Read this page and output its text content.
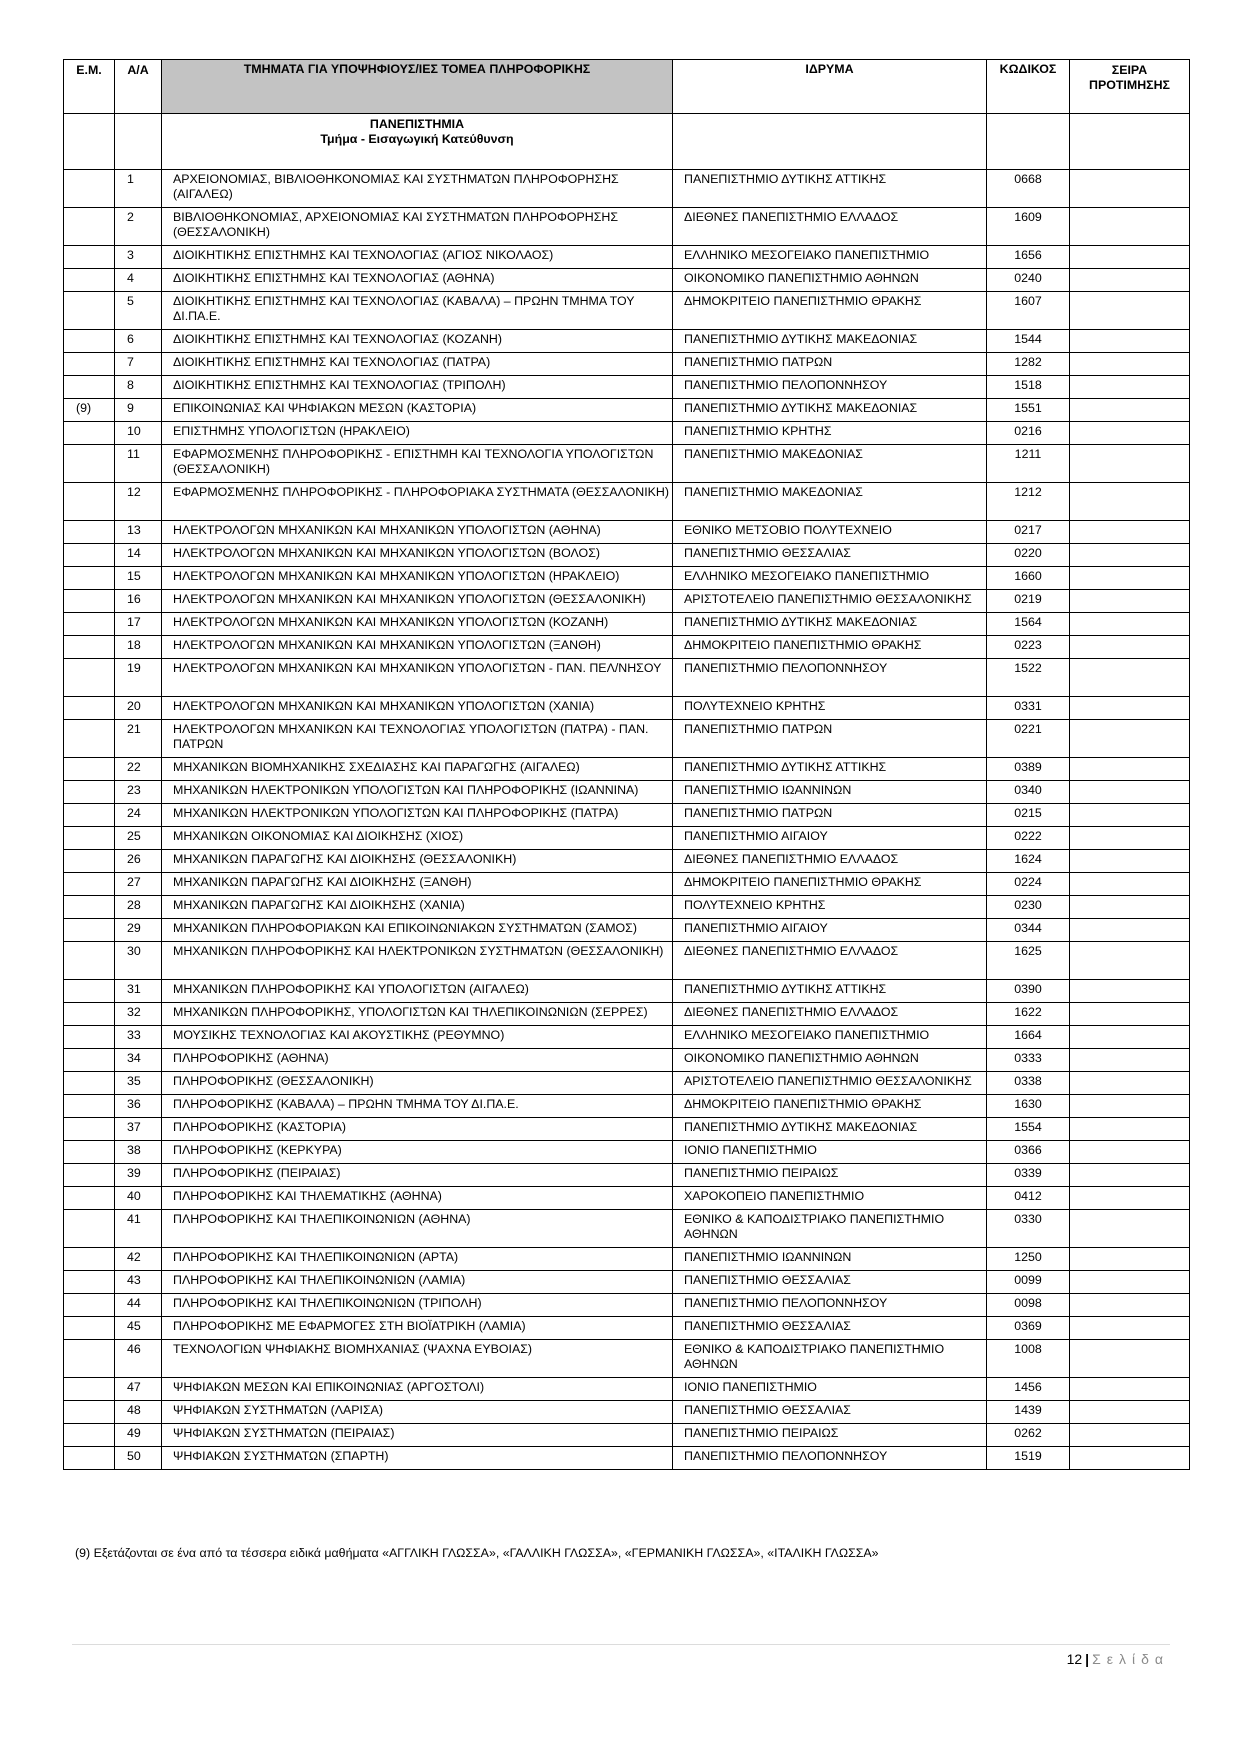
Ε.Μ.	Α/Α	ΤΜΗΜΑΤΑ ΓΙΑ ΥΠΟΨΗΦΙΟΥΣ/ΙΕΣ ΤΟΜΕΑ ΠΛΗΡΟΦΟΡΙΚΗΣ	ΙΔΡΥΜΑ	ΚΩΔΙΚΟΣ	ΣΕΙΡΑ ΠΡΟΤΙΜΗΣΗΣ

		ΠΑΝΕΠΙΣΤΗΜΙΑ
Τμήμα - Εισαγωγική Κατεύθυνση			

	1	ΑΡΧΕΙΟΝΟΜΙΑΣ, ΒΙΒΛΙΟΘΗΚΟΝΟΜΙΑΣ ΚΑΙ ΣΥΣΤΗΜΑΤΩΝ ΠΛΗΡΟΦΟΡΗΣΗΣ (ΑΙΓΑΛΕΩ)	ΠΑΝΕΠΙΣΤΗΜΙΟ ΔΥΤΙΚΗΣ ΑΤΤΙΚΗΣ	0668	

	2	ΒΙΒΛΙΟΘΗΚΟΝΟΜΙΑΣ, ΑΡΧΕΙΟΝΟΜΙΑΣ ΚΑΙ ΣΥΣΤΗΜΑΤΩΝ ΠΛΗΡΟΦΟΡΗΣΗΣ (ΘΕΣΣΑΛΟΝΙΚΗ)	ΔΙΕΘΝΕΣ ΠΑΝΕΠΙΣΤΗΜΙΟ ΕΛΛΑΔΟΣ	1609	

	3	ΔΙΟΙΚΗΤΙΚΗΣ ΕΠΙΣΤΗΜΗΣ ΚΑΙ ΤΕΧΝΟΛΟΓΙΑΣ (ΑΓΙΟΣ ΝΙΚΟΛΑΟΣ)	ΕΛΛΗΝΙΚΟ ΜΕΣΟΓΕΙΑΚΟ ΠΑΝΕΠΙΣΤΗΜΙΟ	1656	

	4	ΔΙΟΙΚΗΤΙΚΗΣ ΕΠΙΣΤΗΜΗΣ ΚΑΙ ΤΕΧΝΟΛΟΓΙΑΣ (ΑΘΗΝΑ)	ΟΙΚΟΝΟΜΙΚΟ ΠΑΝΕΠΙΣΤΗΜΙΟ ΑΘΗΝΩΝ	0240	

	5	ΔΙΟΙΚΗΤΙΚΗΣ ΕΠΙΣΤΗΜΗΣ ΚΑΙ ΤΕΧΝΟΛΟΓΙΑΣ (ΚΑΒΑΛΑ) – ΠΡΩΗΝ ΤΜΗΜΑ ΤΟΥ ΔΙ.ΠΑ.Ε.	ΔΗΜΟΚΡΙΤΕΙΟ ΠΑΝΕΠΙΣΤΗΜΙΟ ΘΡΑΚΗΣ	1607	

	6	ΔΙΟΙΚΗΤΙΚΗΣ ΕΠΙΣΤΗΜΗΣ ΚΑΙ ΤΕΧΝΟΛΟΓΙΑΣ (ΚΟΖΑΝΗ)	ΠΑΝΕΠΙΣΤΗΜΙΟ ΔΥΤΙΚΗΣ ΜΑΚΕΔΟΝΙΑΣ	1544	

	7	ΔΙΟΙΚΗΤΙΚΗΣ ΕΠΙΣΤΗΜΗΣ ΚΑΙ ΤΕΧΝΟΛΟΓΙΑΣ (ΠΑΤΡΑ)	ΠΑΝΕΠΙΣΤΗΜΙΟ ΠΑΤΡΩΝ	1282	

	8	ΔΙΟΙΚΗΤΙΚΗΣ ΕΠΙΣΤΗΜΗΣ ΚΑΙ ΤΕΧΝΟΛΟΓΙΑΣ (ΤΡΙΠΟΛΗ)	ΠΑΝΕΠΙΣΤΗΜΙΟ ΠΕΛΟΠΟΝΝΗΣΟΥ	1518	

(9)	9	ΕΠΙΚΟΙΝΩΝΙΑΣ ΚΑΙ ΨΗΦΙΑΚΩΝ ΜΕΣΩΝ (ΚΑΣΤΟΡΙΑ)	ΠΑΝΕΠΙΣΤΗΜΙΟ ΔΥΤΙΚΗΣ ΜΑΚΕΔΟΝΙΑΣ	1551	

	10	ΕΠΙΣΤΗΜΗΣ ΥΠΟΛΟΓΙΣΤΩΝ (ΗΡΑΚΛΕΙΟ)	ΠΑΝΕΠΙΣΤΗΜΙΟ ΚΡΗΤΗΣ	0216	

	11	ΕΦΑΡΜΟΣΜΕΝΗΣ ΠΛΗΡΟΦΟΡΙΚΗΣ - ΕΠΙΣΤΗΜΗ ΚΑΙ ΤΕΧΝΟΛΟΓΙΑ ΥΠΟΛΟΓΙΣΤΩΝ (ΘΕΣΣΑΛΟΝΙΚΗ)	ΠΑΝΕΠΙΣΤΗΜΙΟ ΜΑΚΕΔΟΝΙΑΣ	1211	

	12	ΕΦΑΡΜΟΣΜΕΝΗΣ ΠΛΗΡΟΦΟΡΙΚΗΣ - ΠΛΗΡΟΦΟΡΙΑΚΑ ΣΥΣΤΗΜΑΤΑ (ΘΕΣΣΑΛΟΝΙΚΗ)	ΠΑΝΕΠΙΣΤΗΜΙΟ ΜΑΚΕΔΟΝΙΑΣ	1212	

	13	ΗΛΕΚΤΡΟΛΟΓΩΝ ΜΗΧΑΝΙΚΩΝ ΚΑΙ ΜΗΧΑΝΙΚΩΝ ΥΠΟΛΟΓΙΣΤΩΝ (ΑΘΗΝΑ)	ΕΘΝΙΚΟ ΜΕΤΣΟΒΙΟ ΠΟΛΥΤΕΧΝΕΙΟ	0217	

	14	ΗΛΕΚΤΡΟΛΟΓΩΝ ΜΗΧΑΝΙΚΩΝ ΚΑΙ ΜΗΧΑΝΙΚΩΝ ΥΠΟΛΟΓΙΣΤΩΝ (ΒΟΛΟΣ)	ΠΑΝΕΠΙΣΤΗΜΙΟ ΘΕΣΣΑΛΙΑΣ	0220	

	15	ΗΛΕΚΤΡΟΛΟΓΩΝ ΜΗΧΑΝΙΚΩΝ ΚΑΙ ΜΗΧΑΝΙΚΩΝ ΥΠΟΛΟΓΙΣΤΩΝ (ΗΡΑΚΛΕΙΟ)	ΕΛΛΗΝΙΚΟ ΜΕΣΟΓΕΙΑΚΟ ΠΑΝΕΠΙΣΤΗΜΙΟ	1660	

	16	ΗΛΕΚΤΡΟΛΟΓΩΝ ΜΗΧΑΝΙΚΩΝ ΚΑΙ ΜΗΧΑΝΙΚΩΝ ΥΠΟΛΟΓΙΣΤΩΝ (ΘΕΣΣΑΛΟΝΙΚΗ)	ΑΡΙΣΤΟΤΕΛΕΙΟ ΠΑΝΕΠΙΣΤΗΜΙΟ ΘΕΣΣΑΛΟΝΙΚΗΣ	0219	

	17	ΗΛΕΚΤΡΟΛΟΓΩΝ ΜΗΧΑΝΙΚΩΝ ΚΑΙ ΜΗΧΑΝΙΚΩΝ ΥΠΟΛΟΓΙΣΤΩΝ (ΚΟΖΑΝΗ)	ΠΑΝΕΠΙΣΤΗΜΙΟ ΔΥΤΙΚΗΣ ΜΑΚΕΔΟΝΙΑΣ	1564	

	18	ΗΛΕΚΤΡΟΛΟΓΩΝ ΜΗΧΑΝΙΚΩΝ ΚΑΙ ΜΗΧΑΝΙΚΩΝ ΥΠΟΛΟΓΙΣΤΩΝ (ΞΑΝΘΗ)	ΔΗΜΟΚΡΙΤΕΙΟ ΠΑΝΕΠΙΣΤΗΜΙΟ ΘΡΑΚΗΣ	0223	

	19	ΗΛΕΚΤΡΟΛΟΓΩΝ ΜΗΧΑΝΙΚΩΝ ΚΑΙ ΜΗΧΑΝΙΚΩΝ ΥΠΟΛΟΓΙΣΤΩΝ - ΠΑΝ. ΠΕΛ/ΝΗΣΟΥ	ΠΑΝΕΠΙΣΤΗΜΙΟ ΠΕΛΟΠΟΝΝΗΣΟΥ	1522	

	20	ΗΛΕΚΤΡΟΛΟΓΩΝ ΜΗΧΑΝΙΚΩΝ ΚΑΙ ΜΗΧΑΝΙΚΩΝ ΥΠΟΛΟΓΙΣΤΩΝ (ΧΑΝΙΑ)	ΠΟΛΥΤΕΧΝΕΙΟ ΚΡΗΤΗΣ	0331	

	21	ΗΛΕΚΤΡΟΛΟΓΩΝ ΜΗΧΑΝΙΚΩΝ ΚΑΙ ΤΕΧΝΟΛΟΓΙΑΣ ΥΠΟΛΟΓΙΣΤΩΝ (ΠΑΤΡΑ) - ΠΑΝ. ΠΑΤΡΩΝ	ΠΑΝΕΠΙΣΤΗΜΙΟ ΠΑΤΡΩΝ	0221	

	22	ΜΗΧΑΝΙΚΩΝ ΒΙΟΜΗΧΑΝΙΚΗΣ ΣΧΕΔΙΑΣΗΣ ΚΑΙ ΠΑΡΑΓΩΓΗΣ (ΑΙΓΑΛΕΩ)	ΠΑΝΕΠΙΣΤΗΜΙΟ ΔΥΤΙΚΗΣ ΑΤΤΙΚΗΣ	0389	

	23	ΜΗΧΑΝΙΚΩΝ ΗΛΕΚΤΡΟΝΙΚΩΝ ΥΠΟΛΟΓΙΣΤΩΝ ΚΑΙ ΠΛΗΡΟΦΟΡΙΚΗΣ (ΙΩΑΝΝΙΝΑ)	ΠΑΝΕΠΙΣΤΗΜΙΟ ΙΩΑΝΝΙΝΩΝ	0340	

	24	ΜΗΧΑΝΙΚΩΝ ΗΛΕΚΤΡΟΝΙΚΩΝ ΥΠΟΛΟΓΙΣΤΩΝ ΚΑΙ ΠΛΗΡΟΦΟΡΙΚΗΣ (ΠΑΤΡΑ)	ΠΑΝΕΠΙΣΤΗΜΙΟ ΠΑΤΡΩΝ	0215	

	25	ΜΗΧΑΝΙΚΩΝ ΟΙΚΟΝΟΜΙΑΣ ΚΑΙ ΔΙΟΙΚΗΣΗΣ (ΧΙΟΣ)	ΠΑΝΕΠΙΣΤΗΜΙΟ ΑΙΓΑΙΟΥ	0222	

	26	ΜΗΧΑΝΙΚΩΝ ΠΑΡΑΓΩΓΗΣ ΚΑΙ ΔΙΟΙΚΗΣΗΣ (ΘΕΣΣΑΛΟΝΙΚΗ)	ΔΙΕΘΝΕΣ ΠΑΝΕΠΙΣΤΗΜΙΟ ΕΛΛΑΔΟΣ	1624	

	27	ΜΗΧΑΝΙΚΩΝ ΠΑΡΑΓΩΓΗΣ ΚΑΙ ΔΙΟΙΚΗΣΗΣ (ΞΑΝΘΗ)	ΔΗΜΟΚΡΙΤΕΙΟ ΠΑΝΕΠΙΣΤΗΜΙΟ ΘΡΑΚΗΣ	0224	

	28	ΜΗΧΑΝΙΚΩΝ ΠΑΡΑΓΩΓΗΣ ΚΑΙ ΔΙΟΙΚΗΣΗΣ (ΧΑΝΙΑ)	ΠΟΛΥΤΕΧΝΕΙΟ ΚΡΗΤΗΣ	0230	

	29	ΜΗΧΑΝΙΚΩΝ ΠΛΗΡΟΦΟΡΙΑΚΩΝ ΚΑΙ ΕΠΙΚΟΙΝΩΝΙΑΚΩΝ ΣΥΣΤΗΜΑΤΩΝ (ΣΑΜΟΣ)	ΠΑΝΕΠΙΣΤΗΜΙΟ ΑΙΓΑΙΟΥ	0344	

	30	ΜΗΧΑΝΙΚΩΝ ΠΛΗΡΟΦΟΡΙΚΗΣ ΚΑΙ ΗΛΕΚΤΡΟΝΙΚΩΝ ΣΥΣΤΗΜΑΤΩΝ (ΘΕΣΣΑΛΟΝΙΚΗ)	ΔΙΕΘΝΕΣ ΠΑΝΕΠΙΣΤΗΜΙΟ ΕΛΛΑΔΟΣ	1625	

	31	ΜΗΧΑΝΙΚΩΝ ΠΛΗΡΟΦΟΡΙΚΗΣ ΚΑΙ ΥΠΟΛΟΓΙΣΤΩΝ (ΑΙΓΑΛΕΩ)	ΠΑΝΕΠΙΣΤΗΜΙΟ ΔΥΤΙΚΗΣ ΑΤΤΙΚΗΣ	0390	

	32	ΜΗΧΑΝΙΚΩΝ ΠΛΗΡΟΦΟΡΙΚΗΣ, ΥΠΟΛΟΓΙΣΤΩΝ ΚΑΙ ΤΗΛΕΠΙΚΟΙΝΩΝΙΩΝ (ΣΕΡΡΕΣ)	ΔΙΕΘΝΕΣ ΠΑΝΕΠΙΣΤΗΜΙΟ ΕΛΛΑΔΟΣ	1622	

	33	ΜΟΥΣΙΚΗΣ ΤΕΧΝΟΛΟΓΙΑΣ ΚΑΙ ΑΚΟΥΣΤΙΚΗΣ (ΡΕΘΥΜΝΟ)	ΕΛΛΗΝΙΚΟ ΜΕΣΟΓΕΙΑΚΟ ΠΑΝΕΠΙΣΤΗΜΙΟ	1664	

	34	ΠΛΗΡΟΦΟΡΙΚΗΣ (ΑΘΗΝΑ)	ΟΙΚΟΝΟΜΙΚΟ ΠΑΝΕΠΙΣΤΗΜΙΟ ΑΘΗΝΩΝ	0333	

	35	ΠΛΗΡΟΦΟΡΙΚΗΣ (ΘΕΣΣΑΛΟΝΙΚΗ)	ΑΡΙΣΤΟΤΕΛΕΙΟ ΠΑΝΕΠΙΣΤΗΜΙΟ ΘΕΣΣΑΛΟΝΙΚΗΣ	0338	

	36	ΠΛΗΡΟΦΟΡΙΚΗΣ (ΚΑΒΑΛΑ) – ΠΡΩΗΝ ΤΜΗΜΑ ΤΟΥ ΔΙ.ΠΑ.Ε.	ΔΗΜΟΚΡΙΤΕΙΟ ΠΑΝΕΠΙΣΤΗΜΙΟ ΘΡΑΚΗΣ	1630	

	37	ΠΛΗΡΟΦΟΡΙΚΗΣ (ΚΑΣΤΟΡΙΑ)	ΠΑΝΕΠΙΣΤΗΜΙΟ ΔΥΤΙΚΗΣ ΜΑΚΕΔΟΝΙΑΣ	1554	

	38	ΠΛΗΡΟΦΟΡΙΚΗΣ (ΚΕΡΚΥΡΑ)	ΙΟΝΙΟ ΠΑΝΕΠΙΣΤΗΜΙΟ	0366	

	39	ΠΛΗΡΟΦΟΡΙΚΗΣ (ΠΕΙΡΑΙΑΣ)	ΠΑΝΕΠΙΣΤΗΜΙΟ ΠΕΙΡΑΙΩΣ	0339	

	40	ΠΛΗΡΟΦΟΡΙΚΗΣ ΚΑΙ ΤΗΛΕΜΑΤΙΚΗΣ (ΑΘΗΝΑ)	ΧΑΡΟΚΟΠΕΙΟ ΠΑΝΕΠΙΣΤΗΜΙΟ	0412	

	41	ΠΛΗΡΟΦΟΡΙΚΗΣ ΚΑΙ ΤΗΛΕΠΙΚΟΙΝΩΝΙΩΝ (ΑΘΗΝΑ)	ΕΘΝΙΚΟ & ΚΑΠΟΔΙΣΤΡΙΑΚΟ ΠΑΝΕΠΙΣΤΗΜΙΟ ΑΘΗΝΩΝ	0330	

	42	ΠΛΗΡΟΦΟΡΙΚΗΣ ΚΑΙ ΤΗΛΕΠΙΚΟΙΝΩΝΙΩΝ (ΑΡΤΑ)	ΠΑΝΕΠΙΣΤΗΜΙΟ ΙΩΑΝΝΙΝΩΝ	1250	

	43	ΠΛΗΡΟΦΟΡΙΚΗΣ ΚΑΙ ΤΗΛΕΠΙΚΟΙΝΩΝΙΩΝ (ΛΑΜΙΑ)	ΠΑΝΕΠΙΣΤΗΜΙΟ ΘΕΣΣΑΛΙΑΣ	0099	

	44	ΠΛΗΡΟΦΟΡΙΚΗΣ ΚΑΙ ΤΗΛΕΠΙΚΟΙΝΩΝΙΩΝ (ΤΡΙΠΟΛΗ)	ΠΑΝΕΠΙΣΤΗΜΙΟ ΠΕΛΟΠΟΝΝΗΣΟΥ	0098	

	45	ΠΛΗΡΟΦΟΡΙΚΗΣ ΜΕ ΕΦΑΡΜΟΓΕΣ ΣΤΗ ΒΙΟΪΑΤΡΙΚΗ (ΛΑΜΙΑ)	ΠΑΝΕΠΙΣΤΗΜΙΟ ΘΕΣΣΑΛΙΑΣ	0369	

	46	ΤΕΧΝΟΛΟΓΙΩΝ ΨΗΦΙΑΚΗΣ ΒΙΟΜΗΧΑΝΙΑΣ (ΨΑΧΝΑ ΕΥΒΟΙΑΣ)	ΕΘΝΙΚΟ & ΚΑΠΟΔΙΣΤΡΙΑΚΟ ΠΑΝΕΠΙΣΤΗΜΙΟ ΑΘΗΝΩΝ	1008	

	47	ΨΗΦΙΑΚΩΝ ΜΕΣΩΝ ΚΑΙ ΕΠΙΚΟΙΝΩΝΙΑΣ (ΑΡΓΟΣΤΟΛΙ)	ΙΟΝΙΟ ΠΑΝΕΠΙΣΤΗΜΙΟ	1456	

	48	ΨΗΦΙΑΚΩΝ ΣΥΣΤΗΜΑΤΩΝ (ΛΑΡΙΣΑ)	ΠΑΝΕΠΙΣΤΗΜΙΟ ΘΕΣΣΑΛΙΑΣ	1439	

	49	ΨΗΦΙΑΚΩΝ ΣΥΣΤΗΜΑΤΩΝ (ΠΕΙΡΑΙΑΣ)	ΠΑΝΕΠΙΣΤΗΜΙΟ ΠΕΙΡΑΙΩΣ	0262	

	50	ΨΗΦΙΑΚΩΝ ΣΥΣΤΗΜΑΤΩΝ (ΣΠΑΡΤΗ)	ΠΑΝΕΠΙΣΤΗΜΙΟ ΠΕΛΟΠΟΝΝΗΣΟΥ	1519	
(9) Εξετάζονται σε ένα από τα τέσσερα ειδικά μαθήματα «ΑΓΓΛΙΚΗ ΓΛΩΣΣΑ», «ΓΑΛΛΙΚΗ ΓΛΩΣΣΑ», «ΓΕΡΜΑΝΙΚΗ ΓΛΩΣΣΑ», «ΙΤΑΛΙΚΗ ΓΛΩΣΣΑ»
12 | Σελίδα
